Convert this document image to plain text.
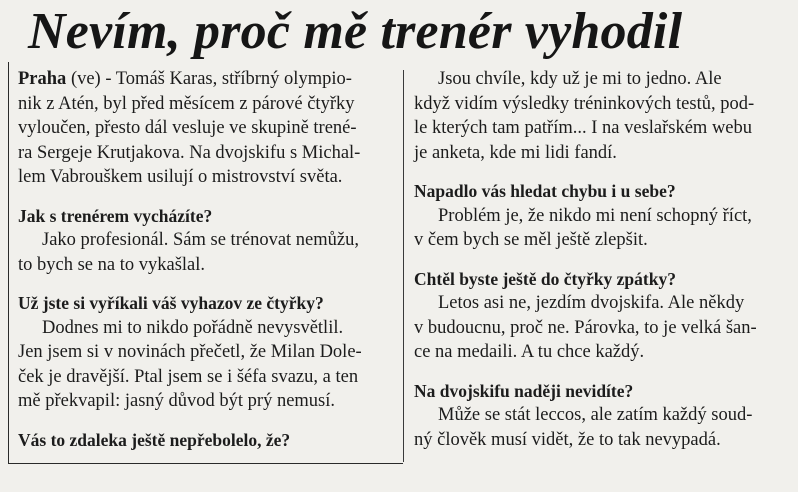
Nevím, proč mě trenér vyhodil

Praha (ve) - Tomáš Karas, stříbrný olympio-
nik z Atén, byl před měsícem z párové čtyřky
vyloučen, přesto dál vesluje ve skupině trené-
ra Sergeje Krutjakova. Na dvojskifu s Michal-
lem Vabrouškem usilují o mistrovství světa.

Jak s trenérem vycházíte?

Jako profesionál. Sám se trénovat nemůžu,
to bych se na to vykašlal.

Už jste si vyříkali váš vyhazov ze čtyřky?

Dodnes mi to nikdo pořádně nevysvětlil.
Jen jsem si v novinách přečetl, že Milan Dole-
ček je dravější. Ptal jsem se i šéfa svazu, a ten
mě překvapil: jasný důvod být prý nemusí.

Vás to zdaleka ještě nepřebolelo, že?

Jsou chvíle, kdy už je mi to jedno. Ale
když vidím výsledky tréninkových testů, pod-
le kterých tam patřím... I na veslařském webu
je anketa, kde mi lidi fandí.

Napadlo vás hledat chybu i u sebe?

Problém je, že nikdo mi není schopný říct,
v čem bych se měl ještě zlepšit.

Chtěl byste ještě do čtyřky zpátky?

Letos asi ne, jezdím dvojskifa. Ale někdy
v budoucnu, proč ne. Párovka, to je velká šan-
ce na medaili. A tu chce každý.

Na dvojskifu naději nevidíte?

Může se stát leccos, ale zatím každý soud-
ný člověk musí vidět, že to tak nevypadá.
